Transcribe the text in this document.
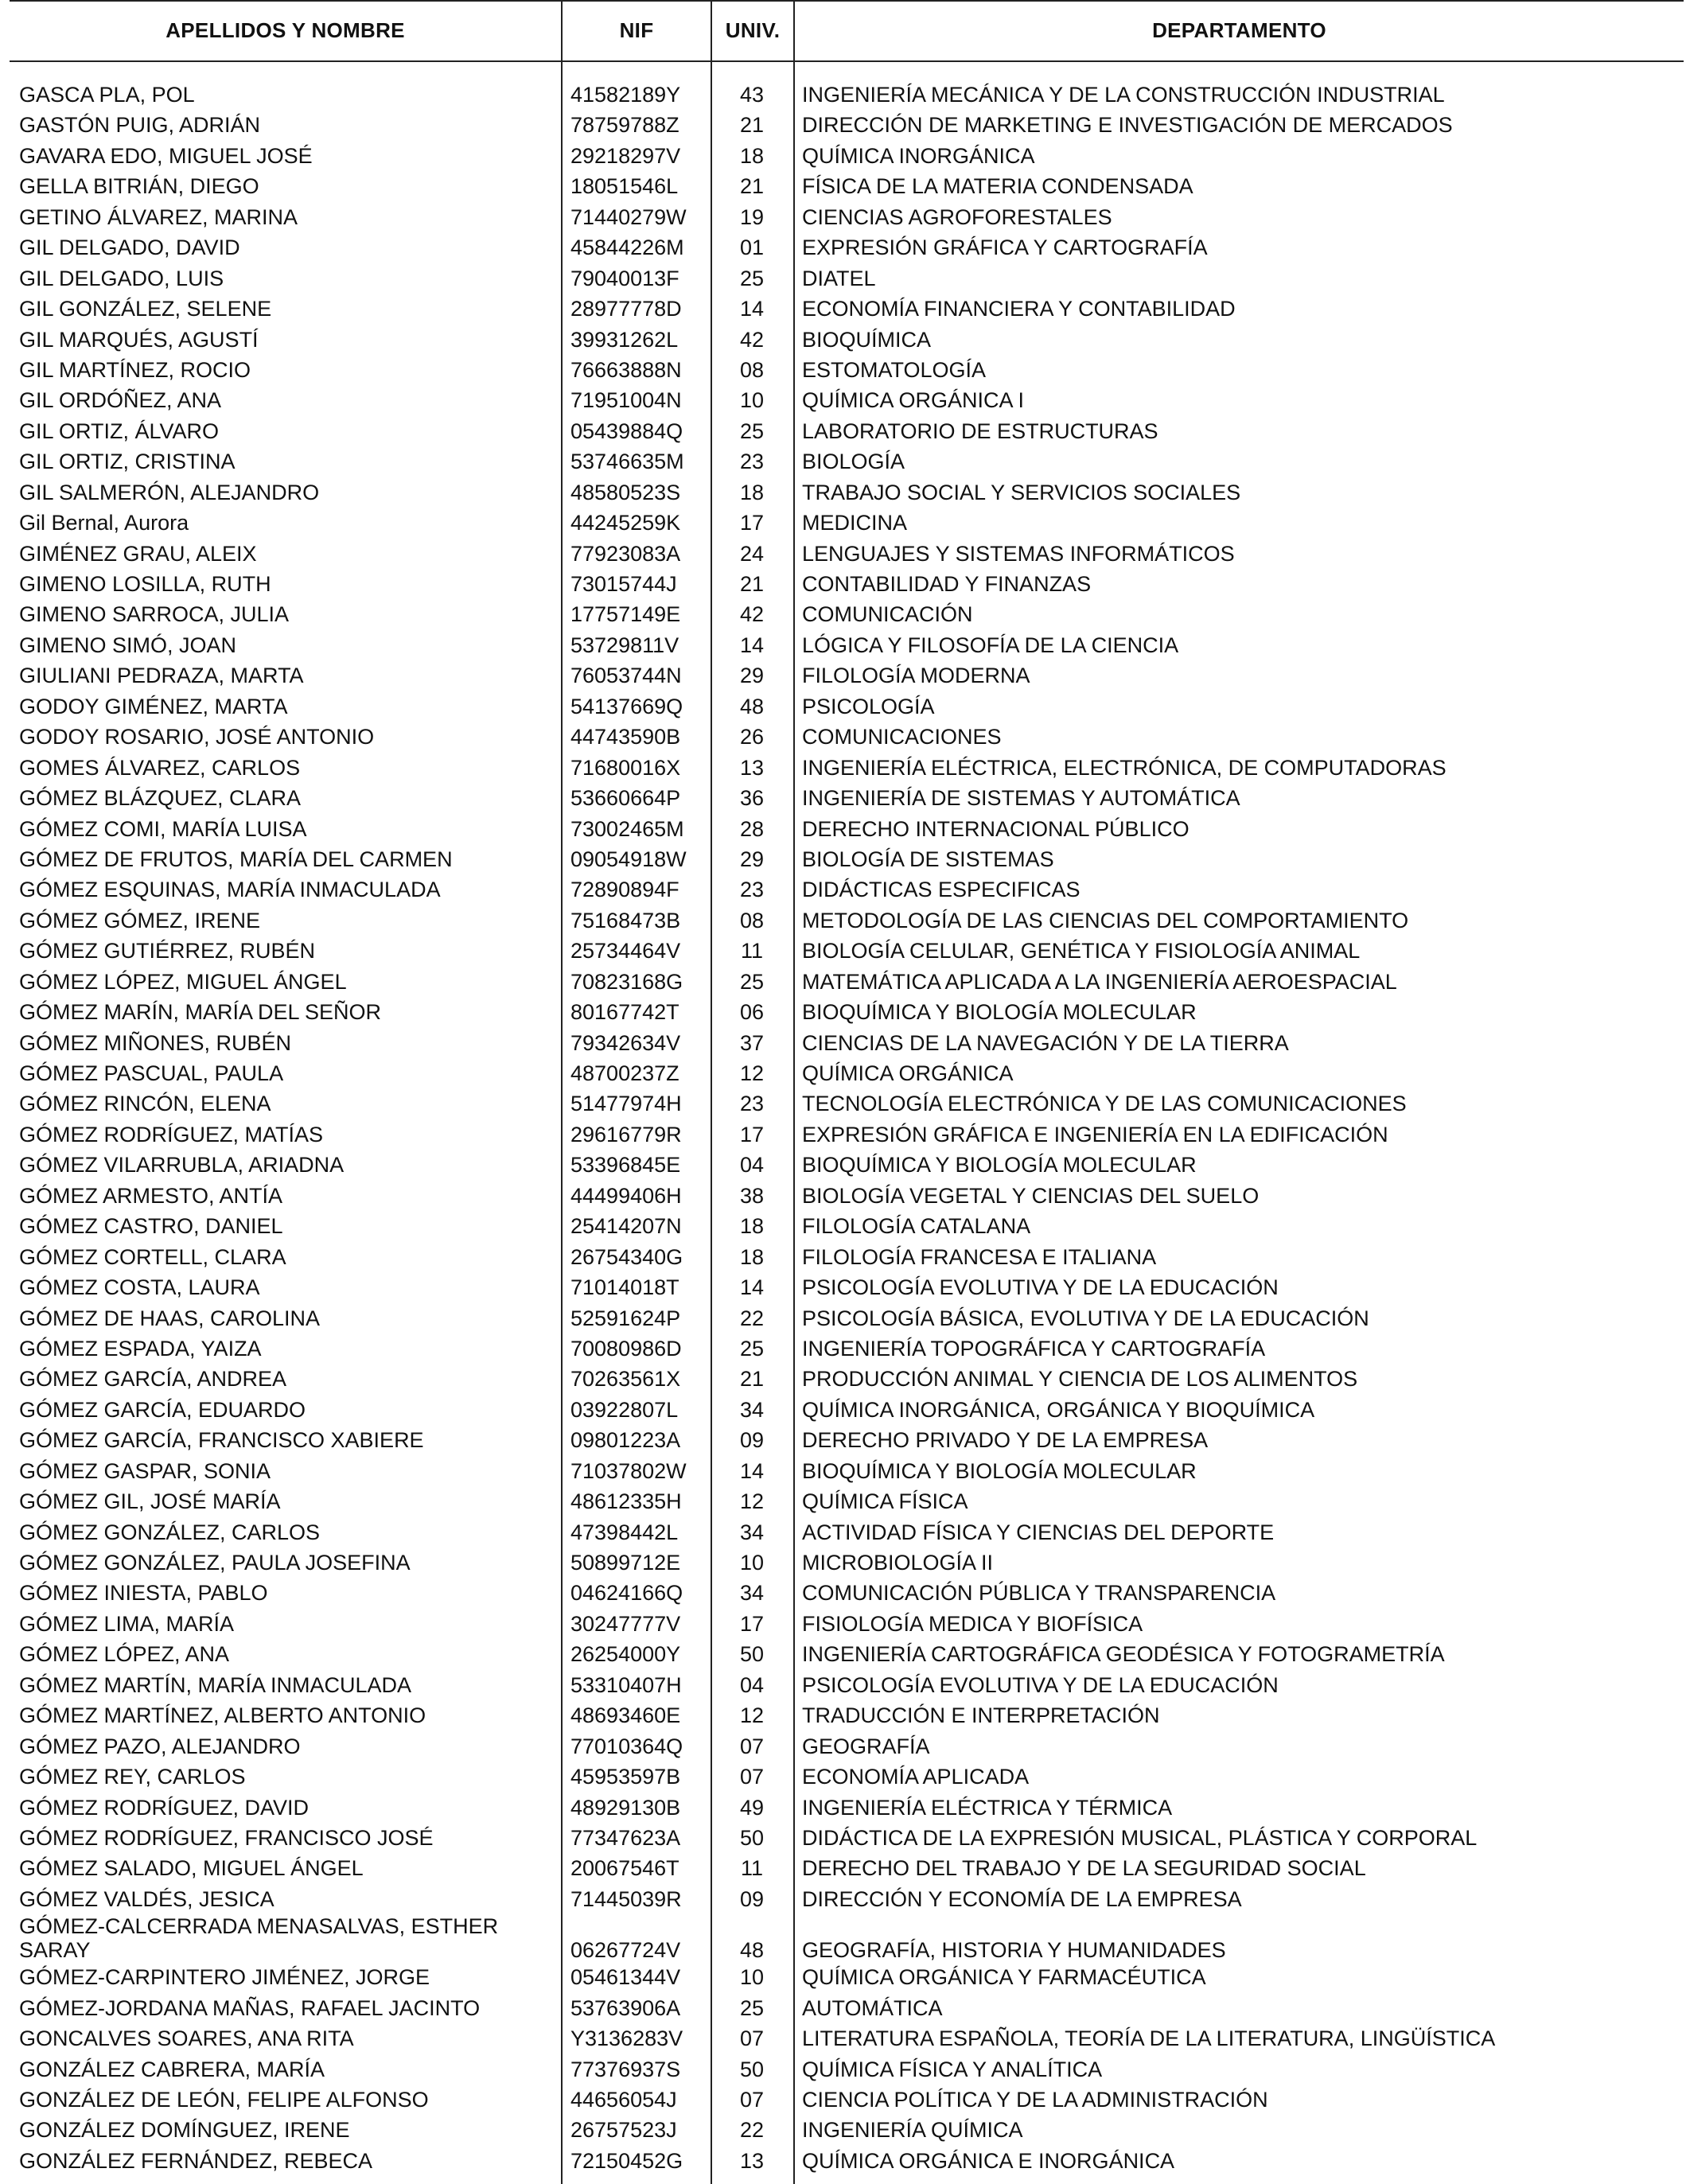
APELLIDOS Y NOMBRE	NIF	UNIV.	DEPARTAMENTO
GASCA PLA, POL	41582189Y	43	INGENIERÍA MECÁNICA Y DE LA CONSTRUCCIÓN INDUSTRIAL
GASTÓN PUIG, ADRIÁN	78759788Z	21	DIRECCIÓN DE MARKETING E INVESTIGACIÓN DE MERCADOS
GAVARA EDO, MIGUEL JOSÉ	29218297V	18	QUÍMICA INORGÁNICA
GELLA BITRIÁN, DIEGO	18051546L	21	FÍSICA DE LA MATERIA CONDENSADA
GETINO ÁLVAREZ, MARINA	71440279W	19	CIENCIAS AGROFORESTALES
GIL DELGADO, DAVID	45844226M	01	EXPRESIÓN GRÁFICA Y CARTOGRAFÍA
GIL DELGADO, LUIS	79040013F	25	DIATEL
GIL GONZÁLEZ, SELENE	28977778D	14	ECONOMÍA FINANCIERA Y CONTABILIDAD
GIL MARQUÉS, AGUSTÍ	39931262L	42	BIOQUÍMICA
GIL MARTÍNEZ, ROCIO	76663888N	08	ESTOMATOLOGÍA
GIL ORDÓÑEZ, ANA	71951004N	10	QUÍMICA ORGÁNICA I
GIL ORTIZ, ÁLVARO	05439884Q	25	LABORATORIO DE ESTRUCTURAS
GIL ORTIZ, CRISTINA	53746635M	23	BIOLOGÍA
GIL SALMERÓN, ALEJANDRO	48580523S	18	TRABAJO SOCIAL Y SERVICIOS SOCIALES
Gil Bernal, Aurora	44245259K	17	MEDICINA
GIMÉNEZ GRAU, ALEIX	77923083A	24	LENGUAJES Y SISTEMAS INFORMÁTICOS
GIMENO LOSILLA, RUTH	73015744J	21	CONTABILIDAD Y FINANZAS
GIMENO SARROCA, JULIA	17757149E	42	COMUNICACIÓN
GIMENO SIMÓ, JOAN	53729811V	14	LÓGICA Y FILOSOFÍA DE LA CIENCIA
GIULIANI PEDRAZA, MARTA	76053744N	29	FILOLOGÍA MODERNA
GODOY GIMÉNEZ, MARTA	54137669Q	48	PSICOLOGÍA
GODOY ROSARIO, JOSÉ ANTONIO	44743590B	26	COMUNICACIONES
GOMES ÁLVAREZ, CARLOS	71680016X	13	INGENIERÍA ELÉCTRICA, ELECTRÓNICA, DE COMPUTADORAS
GÓMEZ BLÁZQUEZ, CLARA	53660664P	36	INGENIERÍA DE SISTEMAS Y AUTOMÁTICA
GÓMEZ COMI, MARÍA LUISA	73002465M	28	DERECHO INTERNACIONAL PÚBLICO
GÓMEZ DE FRUTOS, MARÍA DEL CARMEN	09054918W	29	BIOLOGÍA DE SISTEMAS
GÓMEZ ESQUINAS, MARÍA INMACULADA	72890894F	23	DIDÁCTICAS ESPECIFICAS
GÓMEZ GÓMEZ, IRENE	75168473B	08	METODOLOGÍA DE LAS CIENCIAS DEL COMPORTAMIENTO
GÓMEZ GUTIÉRREZ, RUBÉN	25734464V	11	BIOLOGÍA CELULAR, GENÉTICA Y FISIOLOGÍA ANIMAL
GÓMEZ LÓPEZ, MIGUEL ÁNGEL	70823168G	25	MATEMÁTICA APLICADA A LA INGENIERÍA AEROESPACIAL
GÓMEZ MARÍN, MARÍA DEL SEÑOR	80167742T	06	BIOQUÍMICA Y BIOLOGÍA MOLECULAR
GÓMEZ MIÑONES, RUBÉN	79342634V	37	CIENCIAS DE LA NAVEGACIÓN Y DE LA TIERRA
GÓMEZ PASCUAL, PAULA	48700237Z	12	QUÍMICA ORGÁNICA
GÓMEZ RINCÓN, ELENA	51477974H	23	TECNOLOGÍA ELECTRÓNICA Y DE LAS COMUNICACIONES
GÓMEZ RODRÍGUEZ, MATÍAS	29616779R	17	EXPRESIÓN GRÁFICA E INGENIERÍA EN LA EDIFICACIÓN
GÓMEZ VILARRUBLA, ARIADNA	53396845E	04	BIOQUÍMICA Y BIOLOGÍA MOLECULAR
GÓMEZ ARMESTO, ANTÍA	44499406H	38	BIOLOGÍA VEGETAL Y CIENCIAS DEL SUELO
GÓMEZ CASTRO, DANIEL	25414207N	18	FILOLOGÍA CATALANA
GÓMEZ CORTELL, CLARA	26754340G	18	FILOLOGÍA FRANCESA E ITALIANA
GÓMEZ COSTA, LAURA	71014018T	14	PSICOLOGÍA EVOLUTIVA Y DE LA EDUCACIÓN
GÓMEZ DE HAAS, CAROLINA	52591624P	22	PSICOLOGÍA BÁSICA, EVOLUTIVA Y DE LA EDUCACIÓN
GÓMEZ ESPADA, YAIZA	70080986D	25	INGENIERÍA TOPOGRÁFICA Y CARTOGRAFÍA
GÓMEZ GARCÍA, ANDREA	70263561X	21	PRODUCCIÓN ANIMAL Y CIENCIA DE LOS ALIMENTOS
GÓMEZ GARCÍA, EDUARDO	03922807L	34	QUÍMICA INORGÁNICA, ORGÁNICA Y BIOQUÍMICA
GÓMEZ GARCÍA, FRANCISCO XABIERE	09801223A	09	DERECHO PRIVADO Y DE LA EMPRESA
GÓMEZ GASPAR, SONIA	71037802W	14	BIOQUÍMICA Y BIOLOGÍA MOLECULAR
GÓMEZ GIL, JOSÉ MARÍA	48612335H	12	QUÍMICA FÍSICA
GÓMEZ GONZÁLEZ, CARLOS	47398442L	34	ACTIVIDAD FÍSICA Y CIENCIAS DEL DEPORTE
GÓMEZ GONZÁLEZ, PAULA JOSEFINA	50899712E	10	MICROBIOLOGÍA II
GÓMEZ INIESTA, PABLO	04624166Q	34	COMUNICACIÓN PÚBLICA Y TRANSPARENCIA
GÓMEZ LIMA, MARÍA	30247777V	17	FISIOLOGÍA MEDICA Y BIOFÍSICA
GÓMEZ LÓPEZ, ANA	26254000Y	50	INGENIERÍA CARTOGRÁFICA GEODÉSICA Y FOTOGRAMETRÍA
GÓMEZ MARTÍN, MARÍA INMACULADA	53310407H	04	PSICOLOGÍA EVOLUTIVA Y DE LA EDUCACIÓN
GÓMEZ MARTÍNEZ, ALBERTO ANTONIO	48693460E	12	TRADUCCIÓN E INTERPRETACIÓN
GÓMEZ PAZO, ALEJANDRO	77010364Q	07	GEOGRAFÍA
GÓMEZ REY, CARLOS	45953597B	07	ECONOMÍA APLICADA
GÓMEZ RODRÍGUEZ, DAVID	48929130B	49	INGENIERÍA ELÉCTRICA Y TÉRMICA
GÓMEZ RODRÍGUEZ, FRANCISCO JOSÉ	77347623A	50	DIDÁCTICA DE LA EXPRESIÓN MUSICAL, PLÁSTICA Y CORPORAL
GÓMEZ SALADO, MIGUEL ÁNGEL	20067546T	11	DERECHO DEL TRABAJO Y DE LA SEGURIDAD SOCIAL
GÓMEZ VALDÉS, JESICA	71445039R	09	DIRECCIÓN Y ECONOMÍA DE LA EMPRESA
GÓMEZ-CALCERRADA MENASALVAS, ESTHER SARAY	06267724V	48	GEOGRAFÍA, HISTORIA Y HUMANIDADES
GÓMEZ-CARPINTERO JIMÉNEZ, JORGE	05461344V	10	QUÍMICA ORGÁNICA Y FARMACÉUTICA
GÓMEZ-JORDANA MAÑAS, RAFAEL JACINTO	53763906A	25	AUTOMÁTICA
GONCALVES SOARES, ANA RITA	Y3136283V	07	LITERATURA ESPAÑOLA, TEORÍA DE LA LITERATURA, LINGÜÍSTICA
GONZÁLEZ CABRERA, MARÍA	77376937S	50	QUÍMICA FÍSICA Y ANALÍTICA
GONZÁLEZ DE LEÓN, FELIPE ALFONSO	44656054J	07	CIENCIA POLÍTICA Y DE LA ADMINISTRACIÓN
GONZÁLEZ DOMÍNGUEZ, IRENE	26757523J	22	INGENIERÍA QUÍMICA
GONZÁLEZ FERNÁNDEZ, REBECA	72150452G	13	QUÍMICA ORGÁNICA E INORGÁNICA
